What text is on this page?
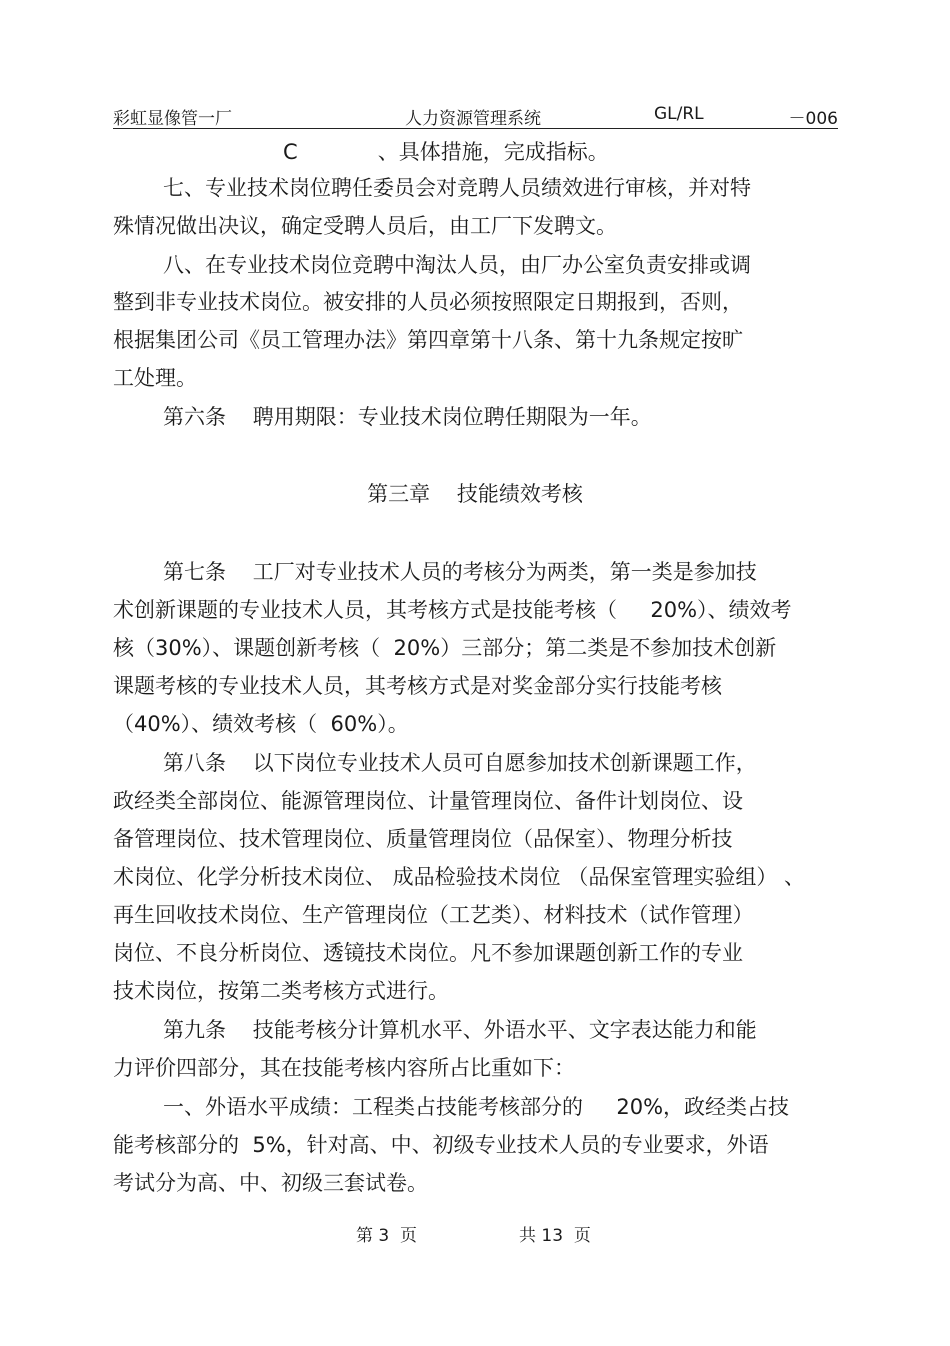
彩虹显像管一厂	人力资源管理系统	GL/RL	－006
C            、具体措施，完成指标。
七、专业技术岗位聘任委员会对竞聘人员绩效进行审核，并对特
殊情况做出决议，确定受聘人员后，由工厂下发聘文。
八、在专业技术岗位竞聘中淘汰人员，由厂办公室负责安排或调
整到非专业技术岗位。被安排的人员必须按照限定日期报到，否则，
根据集团公司《员工管理办法》第四章第十八条、第十九条规定按旷
工处理。
第六条    聘用期限：专业技术岗位聘任期限为一年。
第七条    工厂对专业技术人员的考核分为两类，第一类是参加技
术创新课题的专业技术人员，其考核方式是技能考核（     20%）、绩效考
核（30%）、课题创新考核（  20%）三部分；第二类是不参加技术创新
课题考核的专业技术人员，其考核方式是对奖金部分实行技能考核
（40%）、绩效考核（  60%）。
第八条    以下岗位专业技术人员可自愿参加技术创新课题工作，
政经类全部岗位、能源管理岗位、计量管理岗位、备件计划岗位、设
备管理岗位、技术管理岗位、质量管理岗位（品保室）、物理分析技
术岗位、化学分析技术岗位、 成品检验技术岗位 （品保室管理实验组） 、
再生回收技术岗位、生产管理岗位（工艺类）、材料技术（试作管理）
岗位、不良分析岗位、透镜技术岗位。凡不参加课题创新工作的专业
技术岗位，按第二类考核方式进行。
第九条    技能考核分计算机水平、外语水平、文字表达能力和能
力评价四部分，其在技能考核内容所占比重如下：
一、外语水平成绩：工程类占技能考核部分的     20%，政经类占技
能考核部分的  5%，针对高、中、初级专业技术人员的专业要求，外语
考试分为高、中、初级三套试卷。
第三章    技能绩效考核
第 3  页	共 13  页
